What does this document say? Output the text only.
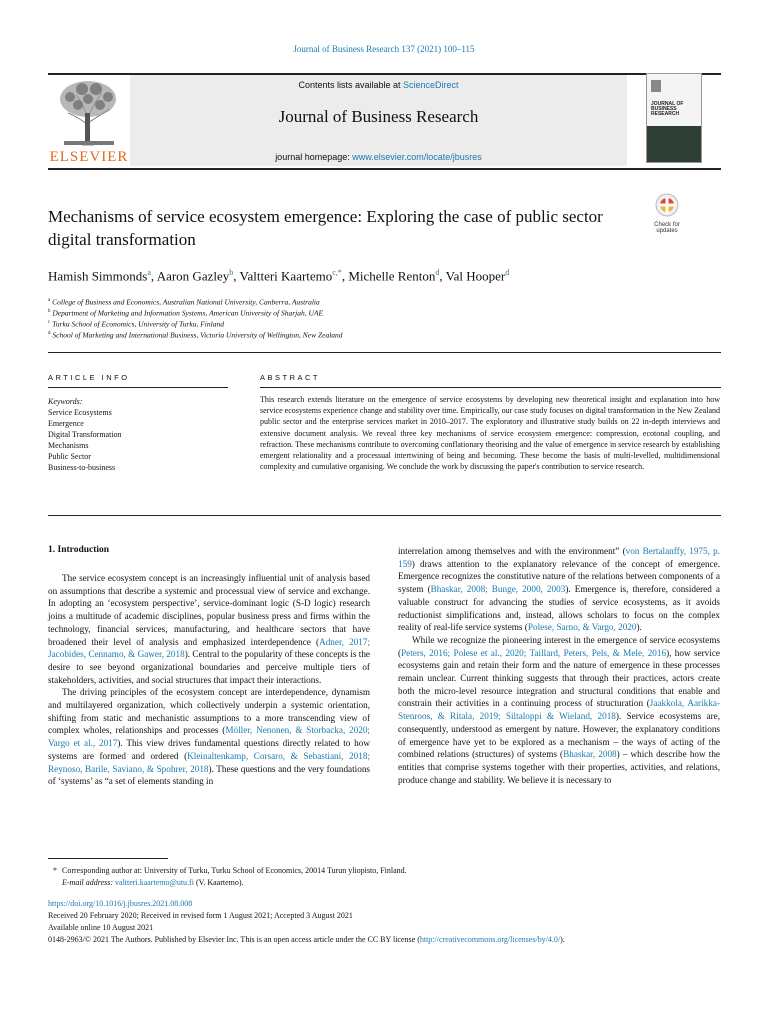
Journal of Business Research 137 (2021) 100–115
ELSEVIER
Contents lists available at ScienceDirect
Journal of Business Research
journal homepage: www.elsevier.com/locate/jbusres
JOURNAL OF BUSINESS RESEARCH
Mechanisms of service ecosystem emergence: Exploring the case of public sector digital transformation
Check for
updates
Hamish Simmonds$^a$, Aaron Gazley$^b$, Valtteri Kaartemo$^{c,*}$, Michelle Renton$^d$, Val Hooper$^d$
$^a$ College of Business and Economics, Australian National University, Canberra, Australia
$^b$ Department of Marketing and Information Systems, American University of Sharjah, UAE
$^c$ Turku School of Economics, University of Turku, Finland
$^d$ School of Marketing and International Business, Victoria University of Wellington, New Zealand
ARTICLE INFO
Keywords:
Service Ecosystems
Emergence
Digital Transformation
Mechanisms
Public Sector
Business-to-business
ABSTRACT
This research extends literature on the emergence of service ecosystems by developing new theoretical insight and explanation into how service ecosystems experience change and stability over time. Empirically, our case study focuses on digital transformation in the New Zealand public sector and the enterprise services market in 2010–2017. The exploratory and illustrative study builds on 22 in-depth interviews and extensive document analysis. We reveal three key mechanisms of service ecosystem emergence: compression, ecotonal coupling, and refraction. These mechanisms contribute to overcoming conflationary theorising and the value of emergence in service research by establishing emergent relationality and a processual intertwining of being and becoming. These become the basis of multi-levelled, multidimensional complexity and cumulative organising. We conclude the work by discussing the paper's contribution to service research.
1. Introduction

The service ecosystem concept is an increasingly influential unit of analysis based on assumptions that describe a systemic and processual view of service and exchange. In adopting an ‘ecosystem perspective’, service-dominant logic (S-D logic) research joins a multitude of academic disciplines, popular business press and firms within the technology, financial services, manufacturing, and healthcare sectors that have broadened their level of analysis and emphasized interdependence (Adner, 2017; Jacobides, Cennamo, & Gawer, 2018). Central to the popularity of these concepts is the desire to see beyond organizational boundaries and perceive multiple tiers of stakeholders, activities, and social structures that impact their interactions.

The driving principles of the ecosystem concept are interdependence, dynamism and multilayered organization, which collectively underpin a systemic orientation, shifting from static and mechanistic assumptions to a more transcending view of complex wholes, relationships and processes (Möller, Nenonen, & Storbacka, 2020; Vargo et al., 2017). This view drives fundamental questions directly related to how systems are formed and ordered (Kleinaltenkamp, Corsaro, & Sebastiani, 2018; Reynoso, Barile, Saviano, & Spohrer, 2018). These questions and the very foundations of ‘systems’ as “a set of elements standing in

interrelation among themselves and with the environment” (von Bertalanffy, 1975, p. 159) draws attention to the explanatory relevance of the concept of emergence. Emergence recognizes the constitutive nature of the relations between components of a system (Bhaskar, 2008; Bunge, 2000, 2003). Emergence is, therefore, considered a valuable construct for advancing the studies of service ecosystems, as it avoids reductionist simplifications and, instead, allows scholars to focus on the complex reality of real-life service systems (Polese, Sarno, & Vargo, 2020).

While we recognize the pioneering interest in the emergence of service ecosystems (Peters, 2016; Polese et al., 2020; Taillard, Peters, Pels, & Mele, 2016), how service ecosystems gain and retain their form and the nature of emergence in these processes remain unclear. Current thinking suggests that through their practices, actors create both the micro-level resource integration and structural conditions that enable and constrain their activities in a continuing process of structuration (Jaakkola, Aarikka-Stenroos, & Ritala, 2019; Siltaloppi & Wieland, 2018). Service ecosystems are, consequently, understood as emergent by nature. However, the explanatory conditions of emergence have yet to be explored as a mechanism – the ways of acting of the combined relations (structures) of systems (Bhaskar, 2008) – which describe how the entities that comprise systems together with their properties, activities, and relations, produce change and stability. We believe it is necessary to

* Corresponding author at: University of Turku, Turku School of Economics, 20014 Turun yliopisto, Finland.
E-mail address: valtteri.kaartemo@utu.fi (V. Kaartemo).
https://doi.org/10.1016/j.jbusres.2021.08.008
Received 20 February 2020; Received in revised form 1 August 2021; Accepted 3 August 2021
Available online 10 August 2021
0148-2963/© 2021 The Authors. Published by Elsevier Inc. This is an open access article under the CC BY license (http://creativecommons.org/licenses/by/4.0/).
